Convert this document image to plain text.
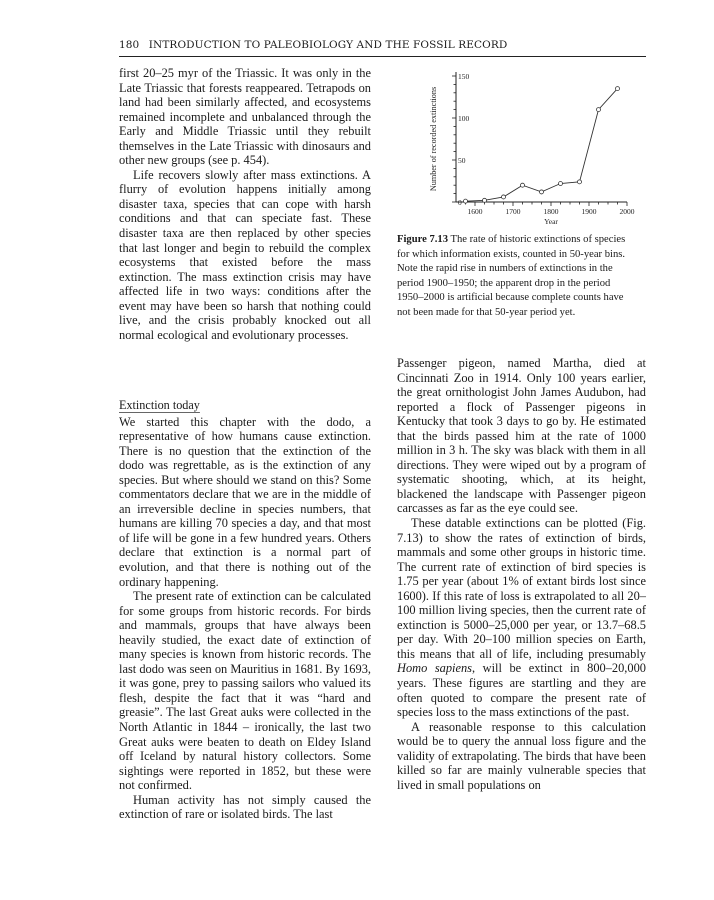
180 INTRODUCTION TO PALEOBIOLOGY AND THE FOSSIL RECORD

first 20–25 myr of the Triassic. It was only in the Late Triassic that forests reappeared. Tetrapods on land had been similarly affected, and ecosystems remained incomplete and unbalanced through the Early and Middle Triassic until they rebuilt themselves in the Late Triassic with dinosaurs and other new groups (see p. 454).

Life recovers slowly after mass extinctions. A flurry of evolution happens initially among disaster taxa, species that can cope with harsh conditions and that can speciate fast. These disaster taxa are then replaced by other species that last longer and begin to rebuild the complex ecosystems that existed before the mass extinction. The mass extinction crisis may have affected life in two ways: conditions after the event may have been so harsh that nothing could live, and the crisis probably knocked out all normal ecological and evolutionary processes.

Extinction today

We started this chapter with the dodo, a representative of how humans cause extinction. There is no question that the extinction of the dodo was regrettable, as is the extinction of any species. But where should we stand on this? Some commentators declare that we are in the middle of an irreversible decline in species numbers, that humans are killing 70 species a day, and that most of life will be gone in a few hundred years. Others declare that extinction is a normal part of evolution, and that there is nothing out of the ordinary happening.

The present rate of extinction can be calculated for some groups from historic records. For birds and mammals, groups that have always been heavily studied, the exact date of extinction of many species is known from historic records. The last dodo was seen on Mauritius in 1681. By 1693, it was gone, prey to passing sailors who valued its flesh, despite the fact that it was “hard and greasie”. The last Great auks were collected in the North Atlantic in 1844 – ironically, the last two Great auks were beaten to death on Eldey Island off Iceland by natural history collectors. Some sightings were reported in 1852, but these were not confirmed.

Human activity has not simply caused the extinction of rare or isolated birds. The last

0
50
100
150
1600	1700	1800	1900	2000
Year
Number of recorded extinctions
Figure 7.13 The rate of historic extinctions of species for which information exists, counted in 50-year bins. Note the rapid rise in numbers of extinctions in the period 1900–1950; the apparent drop in the period 1950–2000 is artificial because complete counts have not been made for that 50-year period yet.

Passenger pigeon, named Martha, died at Cincinnati Zoo in 1914. Only 100 years earlier, the great ornithologist John James Audubon, had reported a flock of Passenger pigeons in Kentucky that took 3 days to go by. He estimated that the birds passed him at the rate of 1000 million in 3 h. The sky was black with them in all directions. They were wiped out by a program of systematic shooting, which, at its height, blackened the landscape with Passenger pigeon carcasses as far as the eye could see.

These datable extinctions can be plotted (Fig. 7.13) to show the rates of extinction of birds, mammals and some other groups in historic time. The current rate of extinction of bird species is 1.75 per year (about 1% of extant birds lost since 1600). If this rate of loss is extrapolated to all 20–100 million living species, then the current rate of extinction is 5000–25,000 per year, or 13.7–68.5 per day. With 20–100 million species on Earth, this means that all of life, including presumably Homo sapiens, will be extinct in 800–20,000 years. These figures are startling and they are often quoted to compare the present rate of species loss to the mass extinctions of the past.

A reasonable response to this calculation would be to query the annual loss figure and the validity of extrapolating. The birds that have been killed so far are mainly vulnerable species that lived in small populations on
